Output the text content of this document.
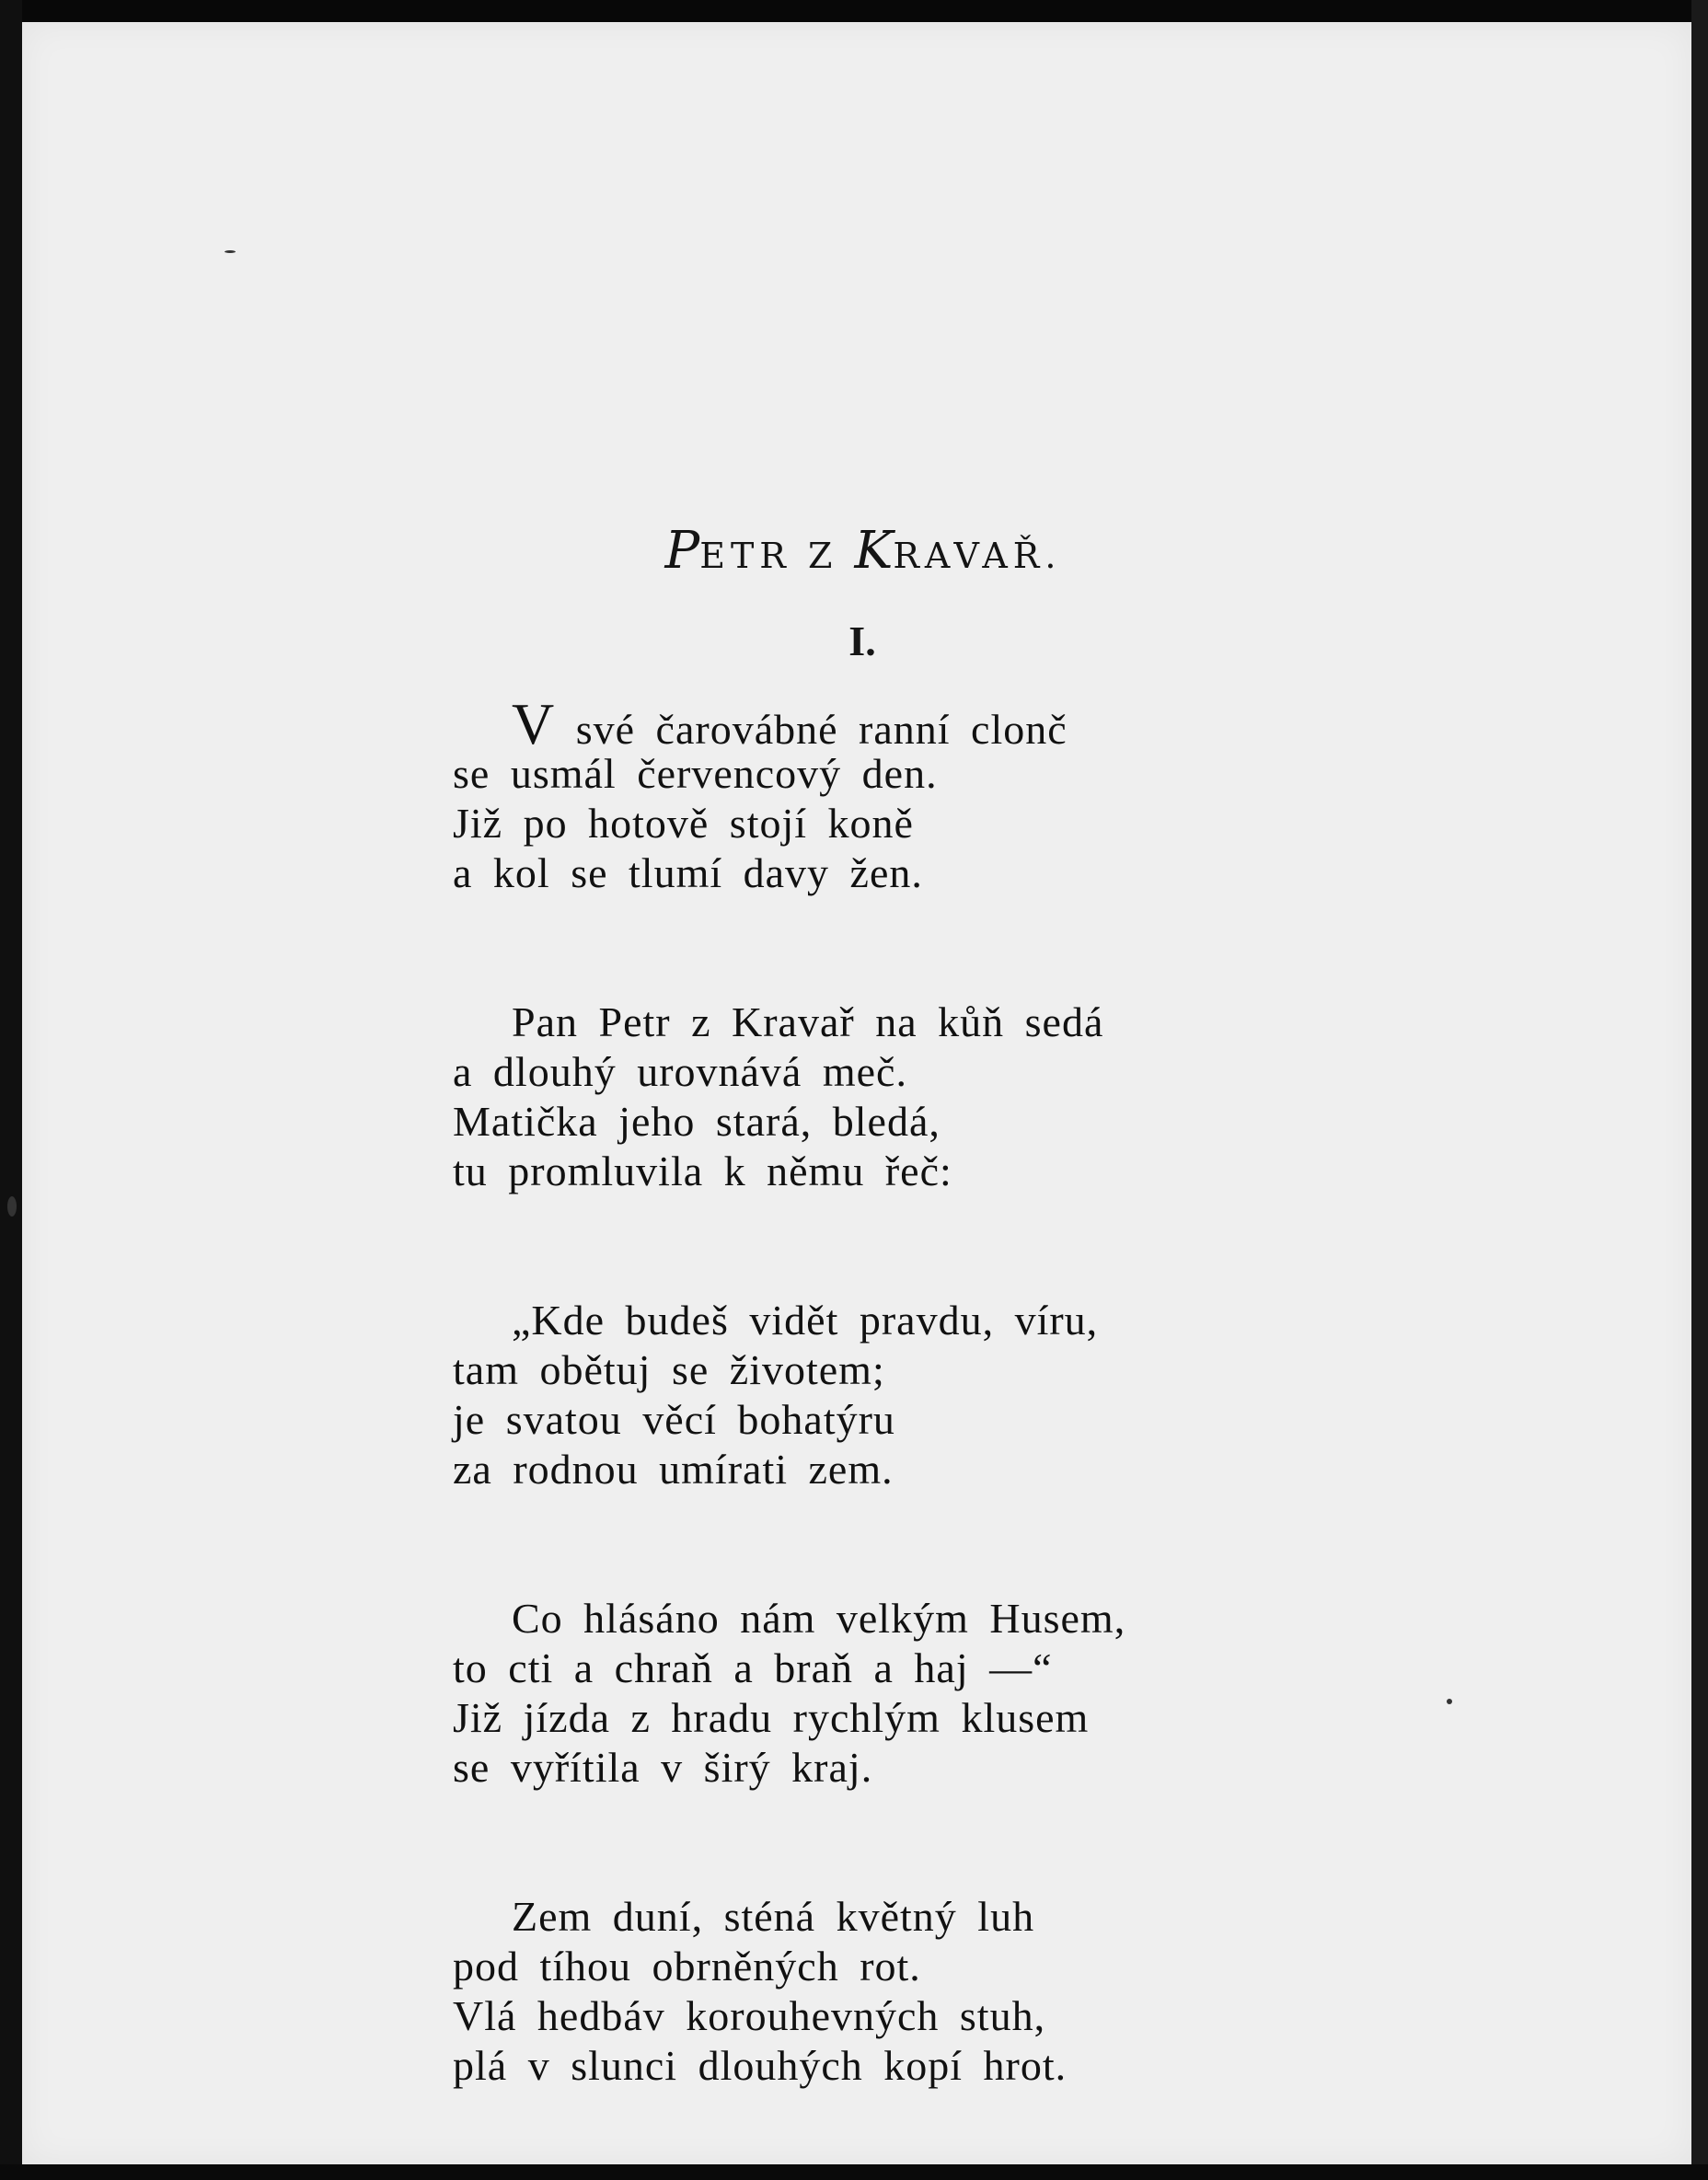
PETR Z KRAVAŘ.
I.
V své čarovábné ranní clonč
se usmál červencový den.
Již po hotově stojí koně
a kol se tlumí davy žen.
Pan Petr z Kravař na kůň sedá
a dlouhý urovnává meč.
Matička jeho stará, bledá,
tu promluvila k němu řeč:
„Kde budeš vidět pravdu, víru,
tam obětuj se životem;
je svatou věcí bohatýru
za rodnou umírati zem.
Co hlásáno nám velkým Husem,
to cti a chraň a braň a haj —“
Již jízda z hradu rychlým klusem
se vyřítila v širý kraj.
Zem duní, sténá květný luh
pod tíhou obrněných rot.
Vlá hedbáv korouhevných stuh,
plá v slunci dlouhých kopí hrot.
